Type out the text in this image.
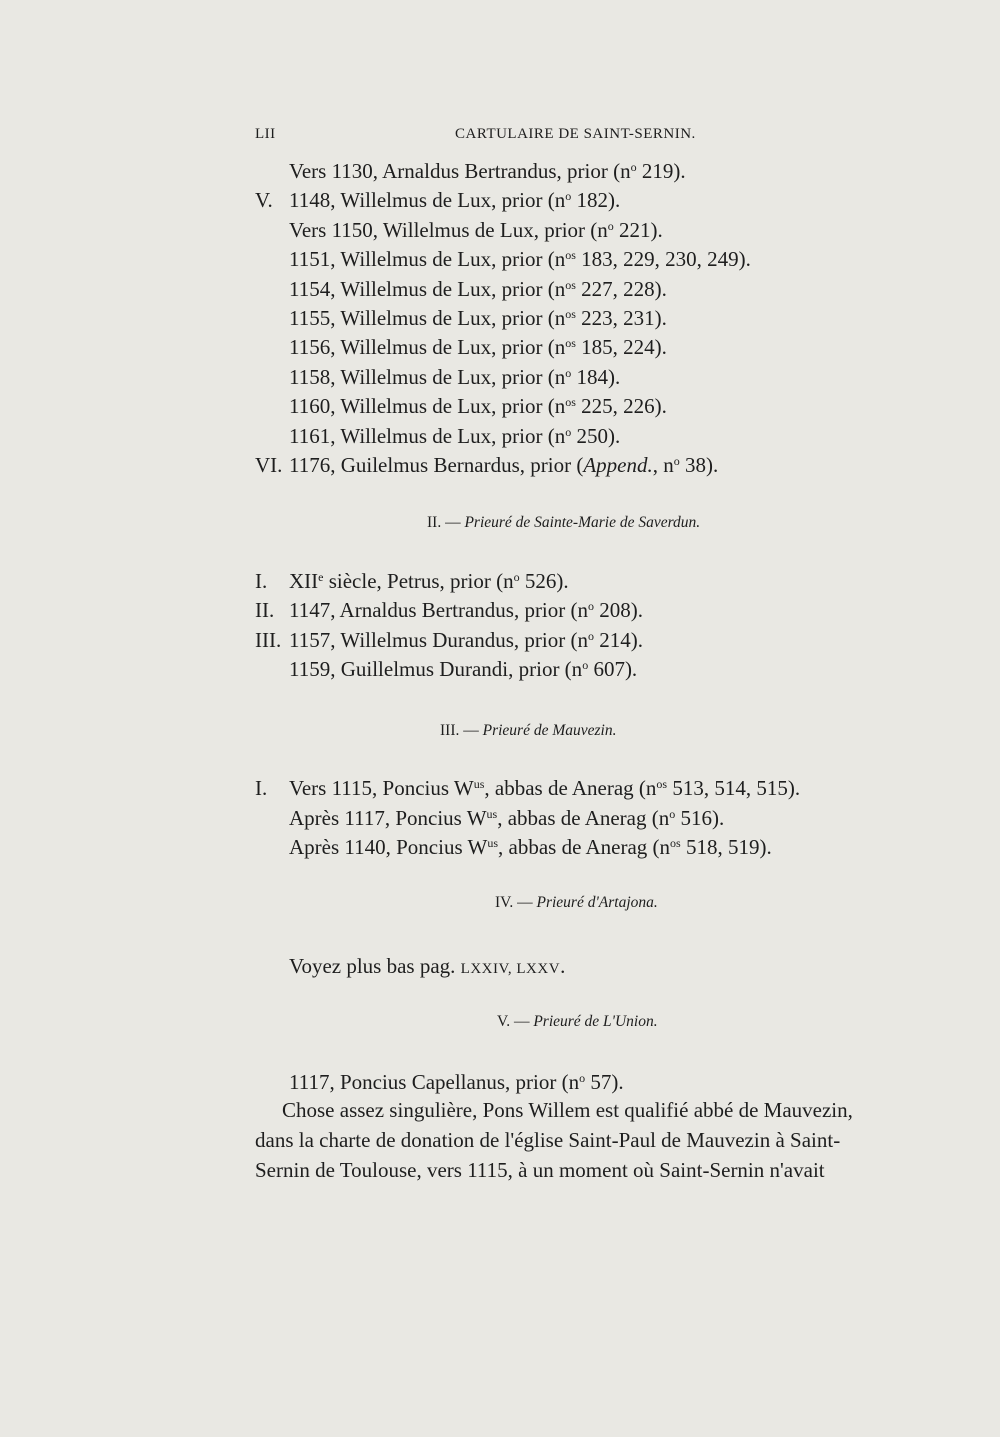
LII	CARTULAIRE DE SAINT-SERNIN.
Vers 1130, Arnaldus Bertrandus, prior ($n^o$ 219).
V. 1148, Willelmus de Lux, prior ($n^o$ 182).
Vers 1150, Willelmus de Lux, prior ($n^o$ 221).
1151, Willelmus de Lux, prior ($n^{os}$ 183, 229, 230, 249).
1154, Willelmus de Lux, prior ($n^{os}$ 227, 228).
1155, Willelmus de Lux, prior ($n^{os}$ 223, 231).
1156, Willelmus de Lux, prior ($n^{os}$ 185, 224).
1158, Willelmus de Lux, prior ($n^o$ 184).
1160, Willelmus de Lux, prior ($n^{os}$ 225, 226).
1161, Willelmus de Lux, prior ($n^o$ 250).
VI. 1176, Guilelmus Bernardus, prior (Append., $n^o$ 38).
II. — Prieuré de Sainte-Marie de Saverdun.
I. XIIe siècle, Petrus, prior ($n^o$ 526).
II. 1147, Arnaldus Bertrandus, prior ($n^o$ 208).
III. 1157, Willelmus Durandus, prior ($n^o$ 214).
1159, Guillelmus Durandi, prior ($n^o$ 607).
III. — Prieuré de Mauvezin.
I. Vers 1115, Poncius $W^{us}$, abbas de Anerag ($n^{os}$ 513, 514, 515).
Après 1117, Poncius $W^{us}$, abbas de Anerag ($n^o$ 516).
Après 1140, Poncius $W^{us}$, abbas de Anerag ($n^{os}$ 518, 519).
IV. — Prieuré d'Artajona.
Voyez plus bas pag. LXXIV, LXXV.
V. — Prieuré de L'Union.
1117, Poncius Capellanus, prior ($n^o$ 57).
Chose assez singulière, Pons Willem est qualifié abbé de Mauvezin,
dans la charte de donation de l'église Saint-Paul de Mauvezin à Saint-
Sernin de Toulouse, vers 1115, à un moment où Saint-Sernin n'avait
